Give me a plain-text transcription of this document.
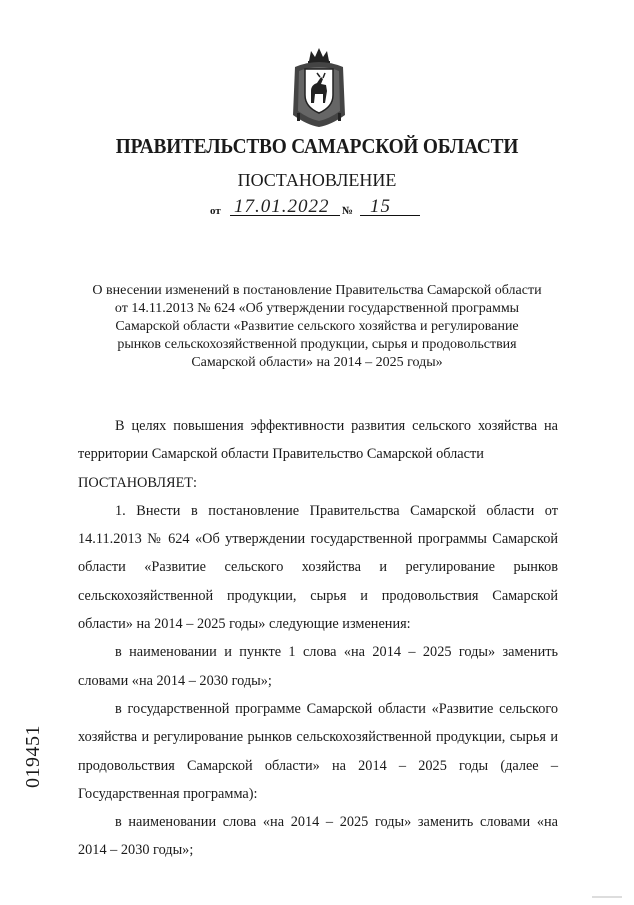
ПРАВИТЕЛЬСТВО САМАРСКОЙ ОБЛАСТИ
ПОСТАНОВЛЕНИЕ
от 17.01.2022 № 15
О внесении изменений в постановление Правительства Самарской области
от 14.11.2013 № 624 «Об утверждении государственной программы
Самарской области «Развитие сельского хозяйства и регулирование
рынков сельскохозяйственной продукции, сырья и продовольствия
Самарской области» на 2014 – 2025 годы»

В целях повышения эффективности развития сельского хозяйства на территории Самарской области Правительство Самарской области

ПОСТАНОВЛЯЕТ:

1. Внести в постановление Правительства Самарской области от 14.11.2013 № 624 «Об утверждении государственной программы Самарской области «Развитие сельского хозяйства и регулирование рынков сельскохозяйственной продукции, сырья и продовольствия Самарской области» на 2014 – 2025 годы» следующие изменения:

в наименовании и пункте 1 слова «на 2014 – 2025 годы» заменить словами «на 2014 – 2030 годы»;

в государственной программе Самарской области «Развитие сельского хозяйства и регулирование рынков сельскохозяйственной продукции, сырья и продовольствия Самарской области» на 2014 – 2025 годы (далее – Государственная программа):

в наименовании слова «на 2014 – 2025 годы» заменить словами «на 2014 – 2030 годы»;

019451
